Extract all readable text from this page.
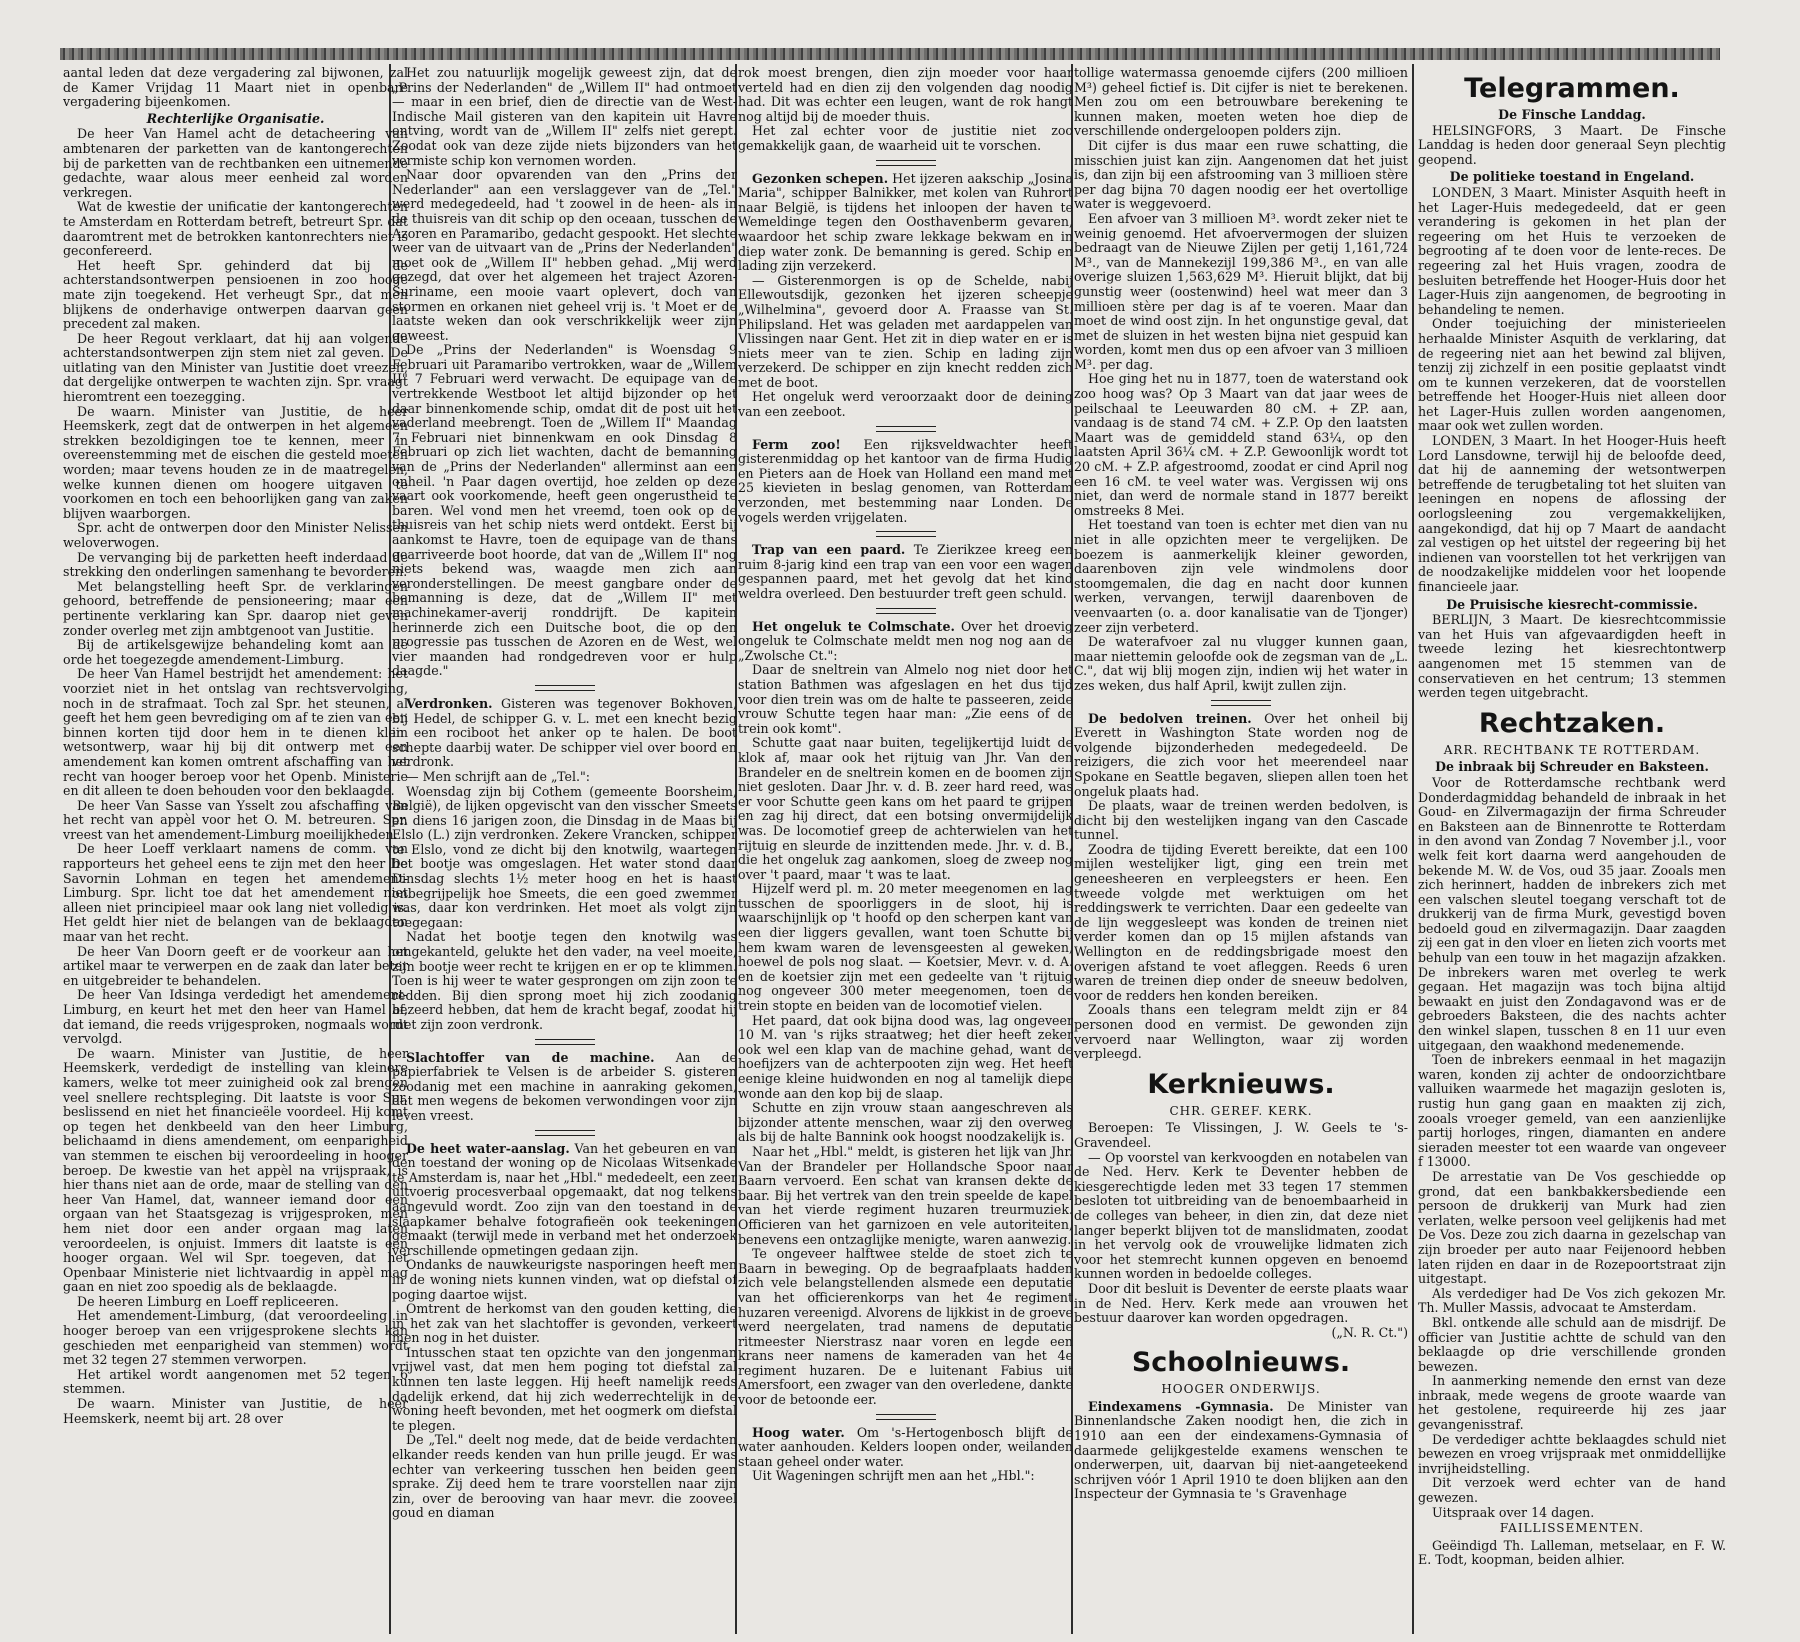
aantal leden dat deze vergadering zal bijwonen, zal de Kamer Vrijdag 11 Maart niet in openbare vergadering bijeenkomen.

Rechterlijke Organisatie.

De heer Van Hamel acht de detacheering van ambtenaren der parketten van de kantongerechten bij de parketten van de rechtbanken een uitnemende gedachte, waar alous meer eenheid zal worden verkregen.

Wat de kwestie der unificatie der kantongerechten te Amsterdam en Rotterdam betreft, betreurt Spr. dat daaromtrent met de betrokken kantonrechters niet is geconfereerd.

Het heeft Spr. gehinderd dat bij de achterstandsontwerpen pensioenen in zoo hooge mate zijn toegekend. Het verheugt Spr., dat men blijkens de onderhavige ontwerpen daarvan geen precedent zal maken.

De heer Regout verklaart, dat hij aan volgende achterstandsontwerpen zijn stem niet zal geven. De uitlating van den Minister van Justitie doet vreezen, dat dergelijke ontwerpen te wachten zijn. Spr. vraagt hieromtrent een toezegging.

De waarn. Minister van Justitie, de heer Heemskerk, zegt dat de ontwerpen in het algemeen strekken bezoldigingen toe te kennen, meer in overeenstemming met de eischen die gesteld moeten worden; maar tevens houden ze in de maatregelen, welke kunnen dienen om hoogere uitgaven te voorkomen en toch een behoorlijken gang van zaken blijven waarborgen.

Spr. acht de ontwerpen door den Minister Nelissen weloverwogen.

De vervanging bij de parketten heeft inderdaad de strekking den onderlingen samenhang te bevorderen.

Met belangstelling heeft Spr. de verklaringen gehoord, betreffende de pensioneering; maar een pertinente verklaring kan Spr. daarop niet geven zonder overleg met zijn ambtgenoot van Justitie.

Bij de artikelsgewijze behandeling komt aan de orde het toegezegde amendement-Limburg.

De heer Van Hamel bestrijdt het amendement: het voorziet niet in het ontslag van rechtsvervolging, noch in de strafmaat. Toch zal Spr. het steunen, al geeft het hem geen bevrediging om af te zien van een binnen korten tijd door hem in te dienen klein wetsontwerp, waar hij bij dit ontwerp met een amendement kan komen omtrent afschaffing van het recht van hooger beroep voor het Openb. Ministerie en dit alleen te doen behouden voor den beklaagde.

De heer Van Sasse van Ysselt zou afschaffing van het recht van appèl voor het O. M. betreuren. Spr. vreest van het amendement-Limburg moeilijkheden.

De heer Loeff verklaart namens de comm. van rapporteurs het geheel eens te zijn met den heer De Savornin Lohman en tegen het amendement-Limburg. Spr. licht toe dat het amendement niet alleen niet principieel maar ook lang niet volledig is. Het geldt hier niet de belangen van de beklaagden maar van het recht.

De heer Van Doorn geeft er de voorkeur aan het artikel maar te verwerpen en de zaak dan later beter en uitgebreider te behandelen.

De heer Van Idsinga verdedigt het amendement-Limburg, en keurt het met den heer van Hamel af, dat iemand, die reeds vrijgesproken, nogmaals wordt vervolgd.

De waarn. Minister van Justitie, de heer Heemskerk, verdedigt de instelling van kleinere kamers, welke tot meer zuinigheid ook zal brengen veel snellere rechtspleging. Dit laatste is voor Spr. beslissend en niet het financieële voordeel. Hij komt op tegen het denkbeeld van den heer Limburg, belichaamd in diens amendement, om eenparigheid van stemmen te eischen bij veroordeeling in hooger beroep. De kwestie van het appèl na vrijspraak, is hier thans niet aan de orde, maar de stelling van den heer Van Hamel, dat, wanneer iemand door een orgaan van het Staatsgezag is vrijgesproken, men hem niet door een ander orgaan mag laten veroordeelen, is onjuist. Immers dit laatste is een hooger orgaan. Wel wil Spr. toegeven, dat het Openbaar Ministerie niet lichtvaardig in appèl mag gaan en niet zoo spoedig als de beklaagde.

De heeren Limburg en Loeff repliceeren.

Het amendement-Limburg, (dat veroordeeling in hooger beroep van een vrijgesprokene slechts kan geschieden met eenparigheid van stemmen) wordt met 32 tegen 27 stemmen verworpen.

Het artikel wordt aangenomen met 52 tegen 6 stemmen.

De waarn. Minister van Justitie, de heer Heemskerk, neemt bij art. 28 over

Het zou natuurlijk mogelijk geweest zijn, dat de „Prins der Nederlanden" de „Willem II" had ontmoet — maar in een brief, dien de directie van de West-Indische Mail gisteren van den kapitein uit Havre ontving, wordt van de „Willem II" zelfs niet gerept. Zoodat ook van deze zijde niets bijzonders van het vermiste schip kon vernomen worden.

Naar door opvarenden van den „Prins der Nederlander" aan een verslaggever van de „Tel." werd medegedeeld, had 't zoowel in de heen- als in de thuisreis van dit schip op den oceaan, tusschen de Azoren en Paramaribo, gedacht gespookt. Het slechte weer van de uitvaart van de „Prins der Nederlanden" moet ook de „Willem II" hebben gehad. „Mij werd gezegd, dat over het algemeen het traject Azoren-Suriname, een mooie vaart oplevert, doch van stormen en orkanen niet geheel vrij is. 't Moet er de laatste weken dan ook verschrikkelijk weer zijn geweest.

De „Prins der Nederlanden" is Woensdag 9 Februari uit Paramaribo vertrokken, waar de „Willem II" 7 Februari werd verwacht. De equipage van de vertrekkende Westboot let altijd bijzonder op het daar binnenkomende schip, omdat dit de post uit het vaderland meebrengt. Toen de „Willem II" Maandag 7 Februari niet binnenkwam en ook Dinsdag 8 Februari op zich liet wachten, dacht de bemanning van de „Prins der Nederlanden" allerminst aan een onheil. 'n Paar dagen overtijd, hoe zelden op deze vaart ook voorkomende, heeft geen ongerustheid te baren. Wel vond men het vreemd, toen ook op de thuisreis van het schip niets werd ontdekt. Eerst bij aankomst te Havre, toen de equipage van de thans gearriveerde boot hoorde, dat van de „Willem II" nog niets bekend was, waagde men zich aan veronderstellingen. De meest gangbare onder de bemanning is deze, dat de „Willem II" met machinekamer-averij ronddrijft. De kapitein herinnerde zich een Duitsche boot, die op den progressie pas tusschen de Azoren en de West, wel vier maanden had rondgedreven voor er hulp daagde."

Verdronken. Gisteren was tegenover Bokhoven, bij Hedel, de schipper G. v. L. met een knecht bezig in een rociboot het anker op te halen. De boot schepte daarbij water. De schipper viel over boord en verdronk.

— Men schrijft aan de „Tel.":

Woensdag zijn bij Cothem (gemeente Boorsheim, België), de lijken opgevischt van den visscher Smeets en diens 16 jarigen zoon, die Dinsdag in de Maas bij Elslo (L.) zijn verdronken. Zekere Vrancken, schipper te Elslo, vond ze dicht bij den knotwilg, waartegen het bootje was omgeslagen. Het water stond daar Dinsdag slechts 1½ meter hoog en het is haast onbegrijpelijk hoe Smeets, die een goed zwemmer was, daar kon verdrinken. Het moet als volgt zijn toegegaan:

Nadat het bootje tegen den knotwilg was omgekanteld, gelukte het den vader, na veel moeite, zijn bootje weer recht te krijgen en er op te klimmen. Toen is hij weer te water gesprongen om zijn zoon te redden. Bij dien sprong moet hij zich zoodanig bezeerd hebben, dat hem de kracht begaf, zoodat hij met zijn zoon verdronk.

Slachtoffer van de machine. Aan de papierfabriek te Velsen is de arbeider S. gisteren zoodanig met een machine in aanraking gekomen, dat men wegens de bekomen verwondingen voor zijn leven vreest.

De heet water-aanslag. Van het gebeuren en van den toestand der woning op de Nicolaas Witsenkade te Amsterdam is, naar het „Hbl." mededeelt, een zeer uitvoerig procesverbaal opgemaakt, dat nog telkens aangevuld wordt. Zoo zijn van den toestand in de slaapkamer behalve fotografieën ook teekeningen gemaakt (terwijl mede in verband met het onderzoek verschillende opmetingen gedaan zijn.

Ondanks de nauwkeurigste nasporingen heeft men in de woning niets kunnen vinden, wat op diefstal of poging daartoe wijst.

Omtrent de herkomst van den gouden ketting, die in het zak van het slachtoffer is gevonden, verkeert men nog in het duister.

Intusschen staat ten opzichte van den jongenman vrijwel vast, dat men hem poging tot diefstal zal kunnen ten laste leggen. Hij heeft namelijk reeds dadelijk erkend, dat hij zich wederrechtelijk in de woning heeft bevonden, met het oogmerk om diefstal te plegen.

De „Tel." deelt nog mede, dat de beide verdachten elkander reeds kenden van hun prille jeugd. Er was echter van verkeering tusschen hen beiden geen sprake. Zij deed hem te trare voorstellen naar zijn zin, over de berooving van haar mevr. die zooveel goud en diaman

rok moest brengen, dien zijn moeder voor haar verteld had en dien zij den volgenden dag noodig had. Dit was echter een leugen, want de rok hangt nog altijd bij de moeder thuis.

Het zal echter voor de justitie niet zoo gemakkelijk gaan, de waarheid uit te vorschen.

Gezonken schepen. Het ijzeren aakschip „Josina Maria", schipper Balnikker, met kolen van Ruhrort naar België, is tijdens het inloopen der haven te Wemeldinge tegen den Oosthavenberm gevaren, waardoor het schip zware lekkage bekwam en in diep water zonk. De bemanning is gered. Schip en lading zijn verzekerd.

— Gisterenmorgen is op de Schelde, nabij Ellewoutsdijk, gezonken het ijzeren scheepje „Wilhelmina", gevoerd door A. Fraasse van St. Philipsland. Het was geladen met aardappelen van Vlissingen naar Gent. Het zit in diep water en er is niets meer van te zien. Schip en lading zijn verzekerd. De schipper en zijn knecht redden zich met de boot.

Het ongeluk werd veroorzaakt door de deining van een zeeboot.

Ferm zoo! Een rijksveldwachter heeft gisterenmiddag op het kantoor van de firma Hudig en Pieters aan de Hoek van Holland een mand met 25 kievieten in beslag genomen, van Rotterdam verzonden, met bestemming naar Londen. De vogels werden vrijgelaten.

Trap van een paard. Te Zierikzee kreeg een ruim 8-jarig kind een trap van een voor een wagen gespannen paard, met het gevolg dat het kind weldra overleed. Den bestuurder treft geen schuld.

Het ongeluk te Colmschate. Over het droevig ongeluk te Colmschate meldt men nog nog aan de „Zwolsche Ct.":

Daar de sneltrein van Almelo nog niet door het station Bathmen was afgeslagen en het dus tijd voor dien trein was om de halte te passeeren, zeide vrouw Schutte tegen haar man: „Zie eens of de trein ook komt".

Schutte gaat naar buiten, tegelijkertijd luidt de klok af, maar ook het rijtuig van Jhr. Van den Brandeler en de sneltrein komen en de boomen zijn niet gesloten. Daar Jhr. v. d. B. zeer hard reed, was er voor Schutte geen kans om het paard te grijpen en zag hij direct, dat een botsing onvermijdelijk was. De locomotief greep de achterwielen van het rijtuig en sleurde de inzittenden mede. Jhr. v. d. B., die het ongeluk zag aankomen, sloeg de zweep nog over 't paard, maar 't was te laat.

Hijzelf werd pl. m. 20 meter meegenomen en lag tusschen de spoorliggers in de sloot, hij is waarschijnlijk op 't hoofd op den scherpen kant van een dier liggers gevallen, want toen Schutte bij hem kwam waren de levensgeesten al geweken, hoewel de pols nog slaat. — Koetsier, Mevr. v. d. A. en de koetsier zijn met een gedeelte van 't rijtuig nog ongeveer 300 meter meegenomen, toen de trein stopte en beiden van de locomotief vielen.

Het paard, dat ook bijna dood was, lag ongeveer 10 M. van 's rijks straatweg; het dier heeft zeker ook wel een klap van de machine gehad, want de hoefijzers van de achterpooten zijn weg. Het heeft eenige kleine huidwonden en nog al tamelijk diepe wonde aan den kop bij de slaap.

Schutte en zijn vrouw staan aangeschreven als bijzonder attente menschen, waar zij den overweg als bij de halte Bannink ook hoogst noodzakelijk is.

Naar het „Hbl." meldt, is gisteren het lijk van Jhr. Van der Brandeler per Hollandsche Spoor naar Baarn vervoerd. Een schat van kransen dekte de baar. Bij het vertrek van den trein speelde de kapel van het vierde regiment huzaren treurmuziek. Officieren van het garnizoen en vele autoriteiten, benevens een ontzaglijke menigte, waren aanwezig.

Te ongeveer halftwee stelde de stoet zich te Baarn in beweging. Op de begraafplaats hadden zich vele belangstellenden alsmede een deputatie van het officierenkorps van het 4e regiment huzaren vereenigd. Alvorens de lijkkist in de groeve werd neergelaten, trad namens de deputatie ritmeester Nierstrasz naar voren en legde een krans neer namens de kameraden van het 4e regiment huzaren. De e luitenant Fabius uit Amersfoort, een zwager van den overledene, dankte voor de betoonde eer.

Hoog water. Om 's-Hertogenbosch blijft de water aanhouden. Kelders loopen onder, weilanden staan geheel onder water.

Uit Wageningen schrijft men aan het „Hbl.":

tollige watermassa genoemde cijfers (200 millioen M³) geheel fictief is. Dit cijfer is niet te berekenen. Men zou om een betrouwbare berekening te kunnen maken, moeten weten hoe diep de verschillende ondergeloopen polders zijn.

Dit cijfer is dus maar een ruwe schatting, die misschien juist kan zijn. Aangenomen dat het juist is, dan zijn bij een afstrooming van 3 millioen stère per dag bijna 70 dagen noodig eer het overtollige water is weggevoerd.

Een afvoer van 3 millioen M³. wordt zeker niet te weinig genoemd. Het afvoervermogen der sluizen bedraagt van de Nieuwe Zijlen per getij 1,161,724 M³., van de Mannekezijl 199,386 M³., en van alle overige sluizen 1,563,629 M³. Hieruit blijkt, dat bij gunstig weer (oostenwind) heel wat meer dan 3 millioen stère per dag is af te voeren. Maar dan moet de wind oost zijn. In het ongunstige geval, dat met de sluizen in het westen bijna niet gespuid kan worden, komt men dus op een afvoer van 3 millioen M³. per dag.

Hoe ging het nu in 1877, toen de waterstand ook zoo hoog was? Op 3 Maart van dat jaar wees de peilschaal te Leeuwarden 80 cM. + ZP. aan, vandaag is de stand 74 cM. + Z.P. Op den laatsten Maart was de gemiddeld stand 63¼, op den laatsten April 36¼ cM. + Z.P. Gewoonlijk wordt tot 20 cM. + Z.P. afgestroomd, zoodat er cind April nog een 16 cM. te veel water was. Vergissen wij ons niet, dan werd de normale stand in 1877 bereikt omstreeks 8 Mei.

Het toestand van toen is echter met dien van nu niet in alle opzichten meer te vergelijken. De boezem is aanmerkelijk kleiner geworden, daarenboven zijn vele windmolens door stoomgemalen, die dag en nacht door kunnen werken, vervangen, terwijl daarenboven de veenvaarten (o. a. door kanalisatie van de Tjonger) zeer zijn verbeterd.

De waterafvoer zal nu vlugger kunnen gaan, maar niettemin geloofde ook de zegsman van de „L. C.", dat wij blij mogen zijn, indien wij het water in zes weken, dus half April, kwijt zullen zijn.

De bedolven treinen. Over het onheil bij Everett in Washington State worden nog de volgende bijzonderheden medegedeeld. De reizigers, die zich voor het meerendeel naar Spokane en Seattle begaven, sliepen allen toen het ongeluk plaats had.

De plaats, waar de treinen werden bedolven, is dicht bij den westelijken ingang van den Cascade tunnel.

Zoodra de tijding Everett bereikte, dat een 100 mijlen westelijker ligt, ging een trein met geneesheeren en verpleegsters er heen. Een tweede volgde met werktuigen om het reddingswerk te verrichten. Daar een gedeelte van de lijn weggesleept was konden de treinen niet verder komen dan op 15 mijlen afstands van Wellington en de reddingsbrigade moest den overigen afstand te voet afleggen. Reeds 6 uren waren de treinen diep onder de sneeuw bedolven, voor de redders hen konden bereiken.

Zooals thans een telegram meldt zijn er 84 personen dood en vermist. De gewonden zijn vervoerd naar Wellington, waar zij worden verpleegd.

Kerknieuws.

CHR. GEREF. KERK.

Beroepen: Te Vlissingen, J. W. Geels te 's-Gravendeel.

— Op voorstel van kerkvoogden en notabelen van de Ned. Herv. Kerk te Deventer hebben de kiesgerechtigde leden met 33 tegen 17 stemmen besloten tot uitbreiding van de benoembaarheid in de colleges van beheer, in dien zin, dat deze niet langer beperkt blijven tot de manslidmaten, zoodat in het vervolg ook de vrouwelijke lidmaten zich voor het stemrecht kunnen opgeven en benoemd kunnen worden in bedoelde colleges.

Door dit besluit is Deventer de eerste plaats waar in de Ned. Herv. Kerk mede aan vrouwen het bestuur daarover kan worden opgedragen.

(„N. R. Ct.")

Schoolnieuws.

HOOGER ONDERWIJS.

Eindexamens -Gymnasia. De Minister van Binnenlandsche Zaken noodigt hen, die zich in 1910 aan een der eindexamens-Gymnasia of daarmede gelijkgestelde examens wenschen te onderwerpen, uit, daarvan bij niet-aangeteekend schrijven vóór 1 April 1910 te doen blijken aan den Inspecteur der Gymnasia te 's Gravenhage

Telegrammen.

De Finsche Landdag.

HELSINGFORS, 3 Maart. De Finsche Landdag is heden door generaal Seyn plechtig geopend.

De politieke toestand in Engeland.

LONDEN, 3 Maart. Minister Asquith heeft in het Lager-Huis medegedeeld, dat er geen verandering is gekomen in het plan der regeering om het Huis te verzoeken de begrooting af te doen voor de lente-reces. De regeering zal het Huis vragen, zoodra de besluiten betreffende het Hooger-Huis door het Lager-Huis zijn aangenomen, de begrooting in behandeling te nemen.

Onder toejuiching der ministerieelen herhaalde Minister Asquith de verklaring, dat de regeering niet aan het bewind zal blijven, tenzij zij zichzelf in een positie geplaatst vindt om te kunnen verzekeren, dat de voorstellen betreffende het Hooger-Huis niet alleen door het Lager-Huis zullen worden aangenomen, maar ook wet zullen worden.

LONDEN, 3 Maart. In het Hooger-Huis heeft Lord Lansdowne, terwijl hij de beloofde deed, dat hij de aanneming der wetsontwerpen betreffende de terugbetaling tot het sluiten van leeningen en nopens de aflossing der oorlogsleening zou vergemakkelijken, aangekondigd, dat hij op 7 Maart de aandacht zal vestigen op het uitstel der regeering bij het indienen van voorstellen tot het verkrijgen van de noodzakelijke middelen voor het loopende financieele jaar.

De Pruisische kiesrecht-commissie.

BERLIJN, 3 Maart. De kiesrechtcommissie van het Huis van afgevaardigden heeft in tweede lezing het kiesrechtontwerp aangenomen met 15 stemmen van de conservatieven en het centrum; 13 stemmen werden tegen uitgebracht.

Rechtzaken.

ARR. RECHTBANK TE ROTTERDAM.

De inbraak bij Schreuder en Baksteen.

Voor de Rotterdamsche rechtbank werd Donderdagmiddag behandeld de inbraak in het Goud- en Zilvermagazijn der firma Schreuder en Baksteen aan de Binnenrotte te Rotterdam in den avond van Zondag 7 November j.l., voor welk feit kort daarna werd aangehouden de bekende M. W. de Vos, oud 35 jaar. Zooals men zich herinnert, hadden de inbrekers zich met een valschen sleutel toegang verschaft tot de drukkerij van de firma Murk, gevestigd boven bedoeld goud en zilvermagazijn. Daar zaagden zij een gat in den vloer en lieten zich voorts met behulp van een touw in het magazijn afzakken. De inbrekers waren met overleg te werk gegaan. Het magazijn was toch bijna altijd bewaakt en juist den Zondagavond was er de gebroeders Baksteen, die des nachts achter den winkel slapen, tusschen 8 en 11 uur even uitgegaan, den waakhond medenemende.

Toen de inbrekers eenmaal in het magazijn waren, konden zij achter de ondoorzichtbare valluiken waarmede het magazijn gesloten is, rustig hun gang gaan en maakten zij zich, zooals vroeger gemeld, van een aanzienlijke partij horloges, ringen, diamanten en andere sieraden meester tot een waarde van ongeveer f 13000.

De arrestatie van De Vos geschiedde op grond, dat een bankbakkersbediende een persoon de drukkerij van Murk had zien verlaten, welke persoon veel gelijkenis had met De Vos. Deze zou zich daarna in gezelschap van zijn broeder per auto naar Feijenoord hebben laten rijden en daar in de Rozepoortstraat zijn uitgestapt.

Als verdediger had De Vos zich gekozen Mr. Th. Muller Massis, advocaat te Amsterdam.

Bkl. ontkende alle schuld aan de misdrijf. De officier van Justitie achtte de schuld van den beklaagde op drie verschillende gronden bewezen.

In aanmerking nemende den ernst van deze inbraak, mede wegens de groote waarde van het gestolene, requireerde hij zes jaar gevangenisstraf.

De verdediger achtte beklaagdes schuld niet bewezen en vroeg vrijspraak met onmiddellijke invrijheidstelling.

Dit verzoek werd echter van de hand gewezen.

Uitspraak over 14 dagen.

FAILLISSEMENTEN.

Geëindigd Th. Lalleman, metselaar, en F. W. E. Todt, koopman, beiden alhier.
